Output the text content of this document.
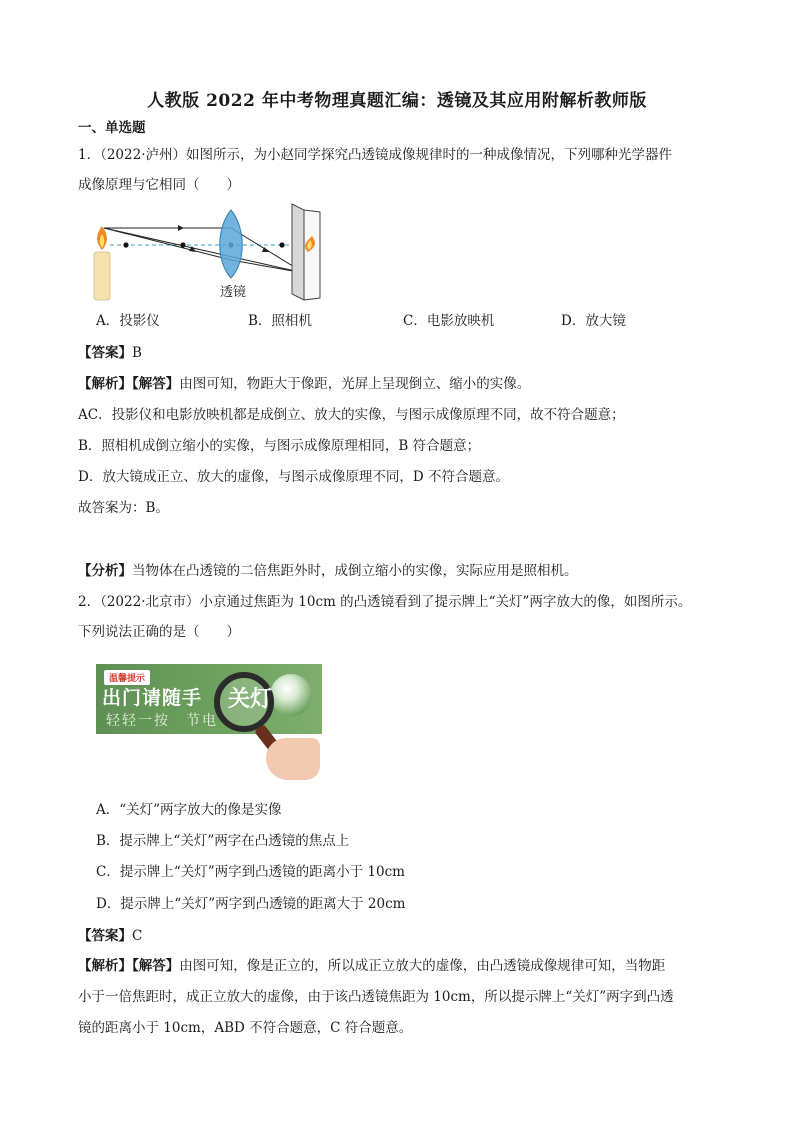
人教版 2022 年中考物理真题汇编：透镜及其应用附解析教师版
一、单选题
1．（2022·泸州）如图所示，为小赵同学探究凸透镜成像规律时的一种成像情况，下列哪种光学器件
成像原理与它相同（　　）
透镜
A．投影仪	B．照相机	C．电影放映机	D．放大镜
【答案】B
【解析】【解答】由图可知，物距大于像距，光屏上呈现倒立、缩小的实像。
AC．投影仪和电影放映机都是成倒立、放大的实像，与图示成像原理不同，故不符合题意；
B．照相机成倒立缩小的实像，与图示成像原理相同，B 符合题意；
D．放大镜成正立、放大的虚像，与图示成像原理不同，D 不符合题意。
故答案为：B。
【分析】当物体在凸透镜的二倍焦距外时，成倒立缩小的实像，实际应用是照相机。
2．（2022·北京市）小京通过焦距为 10cm 的凸透镜看到了提示牌上“关灯”两字放大的像，如图所示。
下列说法正确的是（　　）
温馨提示
出门请随手
轻轻一按　节电
关灯
A．“关灯”两字放大的像是实像
B．提示牌上“关灯”两字在凸透镜的焦点上
C．提示牌上“关灯”两字到凸透镜的距离小于 10cm
D．提示牌上“关灯”两字到凸透镜的距离大于 20cm
【答案】C
【解析】【解答】由图可知，像是正立的，所以成正立放大的虚像，由凸透镜成像规律可知，当物距
小于一倍焦距时，成正立放大的虚像，由于该凸透镜焦距为 10cm，所以提示牌上“关灯”两字到凸透
镜的距离小于 10cm，ABD 不符合题意，C 符合题意。
